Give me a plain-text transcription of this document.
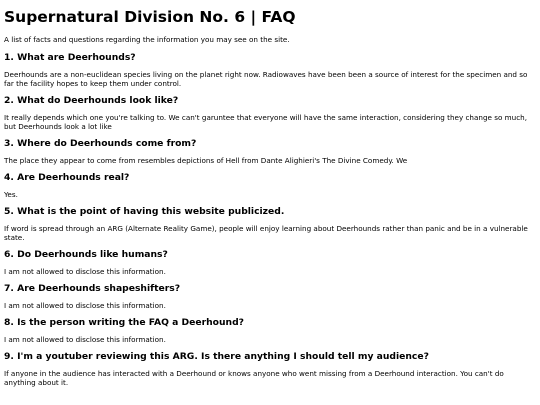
Supernatural Division No. 6 | FAQ

A list of facts and questions regarding the information you may see on the site.

1. What are Deerhounds?

Deerhounds are a non-euclidean species living on the planet right now. Radiowaves have been been a source of interest for the specimen and so far the facility hopes to keep them under control.

2. What do Deerhounds look like?

It really depends which one you're talking to. We can't garuntee that everyone will have the same interaction, considering they change so much, but Deerhounds look a lot like

3. Where do Deerhounds come from?

The place they appear to come from resembles depictions of Hell from Dante Alighieri's The Divine Comedy. We

4. Are Deerhounds real?

Yes.

5. What is the point of having this website publicized.

If word is spread through an ARG (Alternate Reality Game), people will enjoy learning about Deerhounds rather than panic and be in a vulnerable state.

6. Do Deerhounds like humans?

I am not allowed to disclose this information.

7. Are Deerhounds shapeshifters?

I am not allowed to disclose this information.

8. Is the person writing the FAQ a Deerhound?

I am not allowed to disclose this information.

9. I'm a youtuber reviewing this ARG. Is there anything I should tell my audience?

If anyone in the audience has interacted with a Deerhound or knows anyone who went missing from a Deerhound interaction. You can't do anything about it.
